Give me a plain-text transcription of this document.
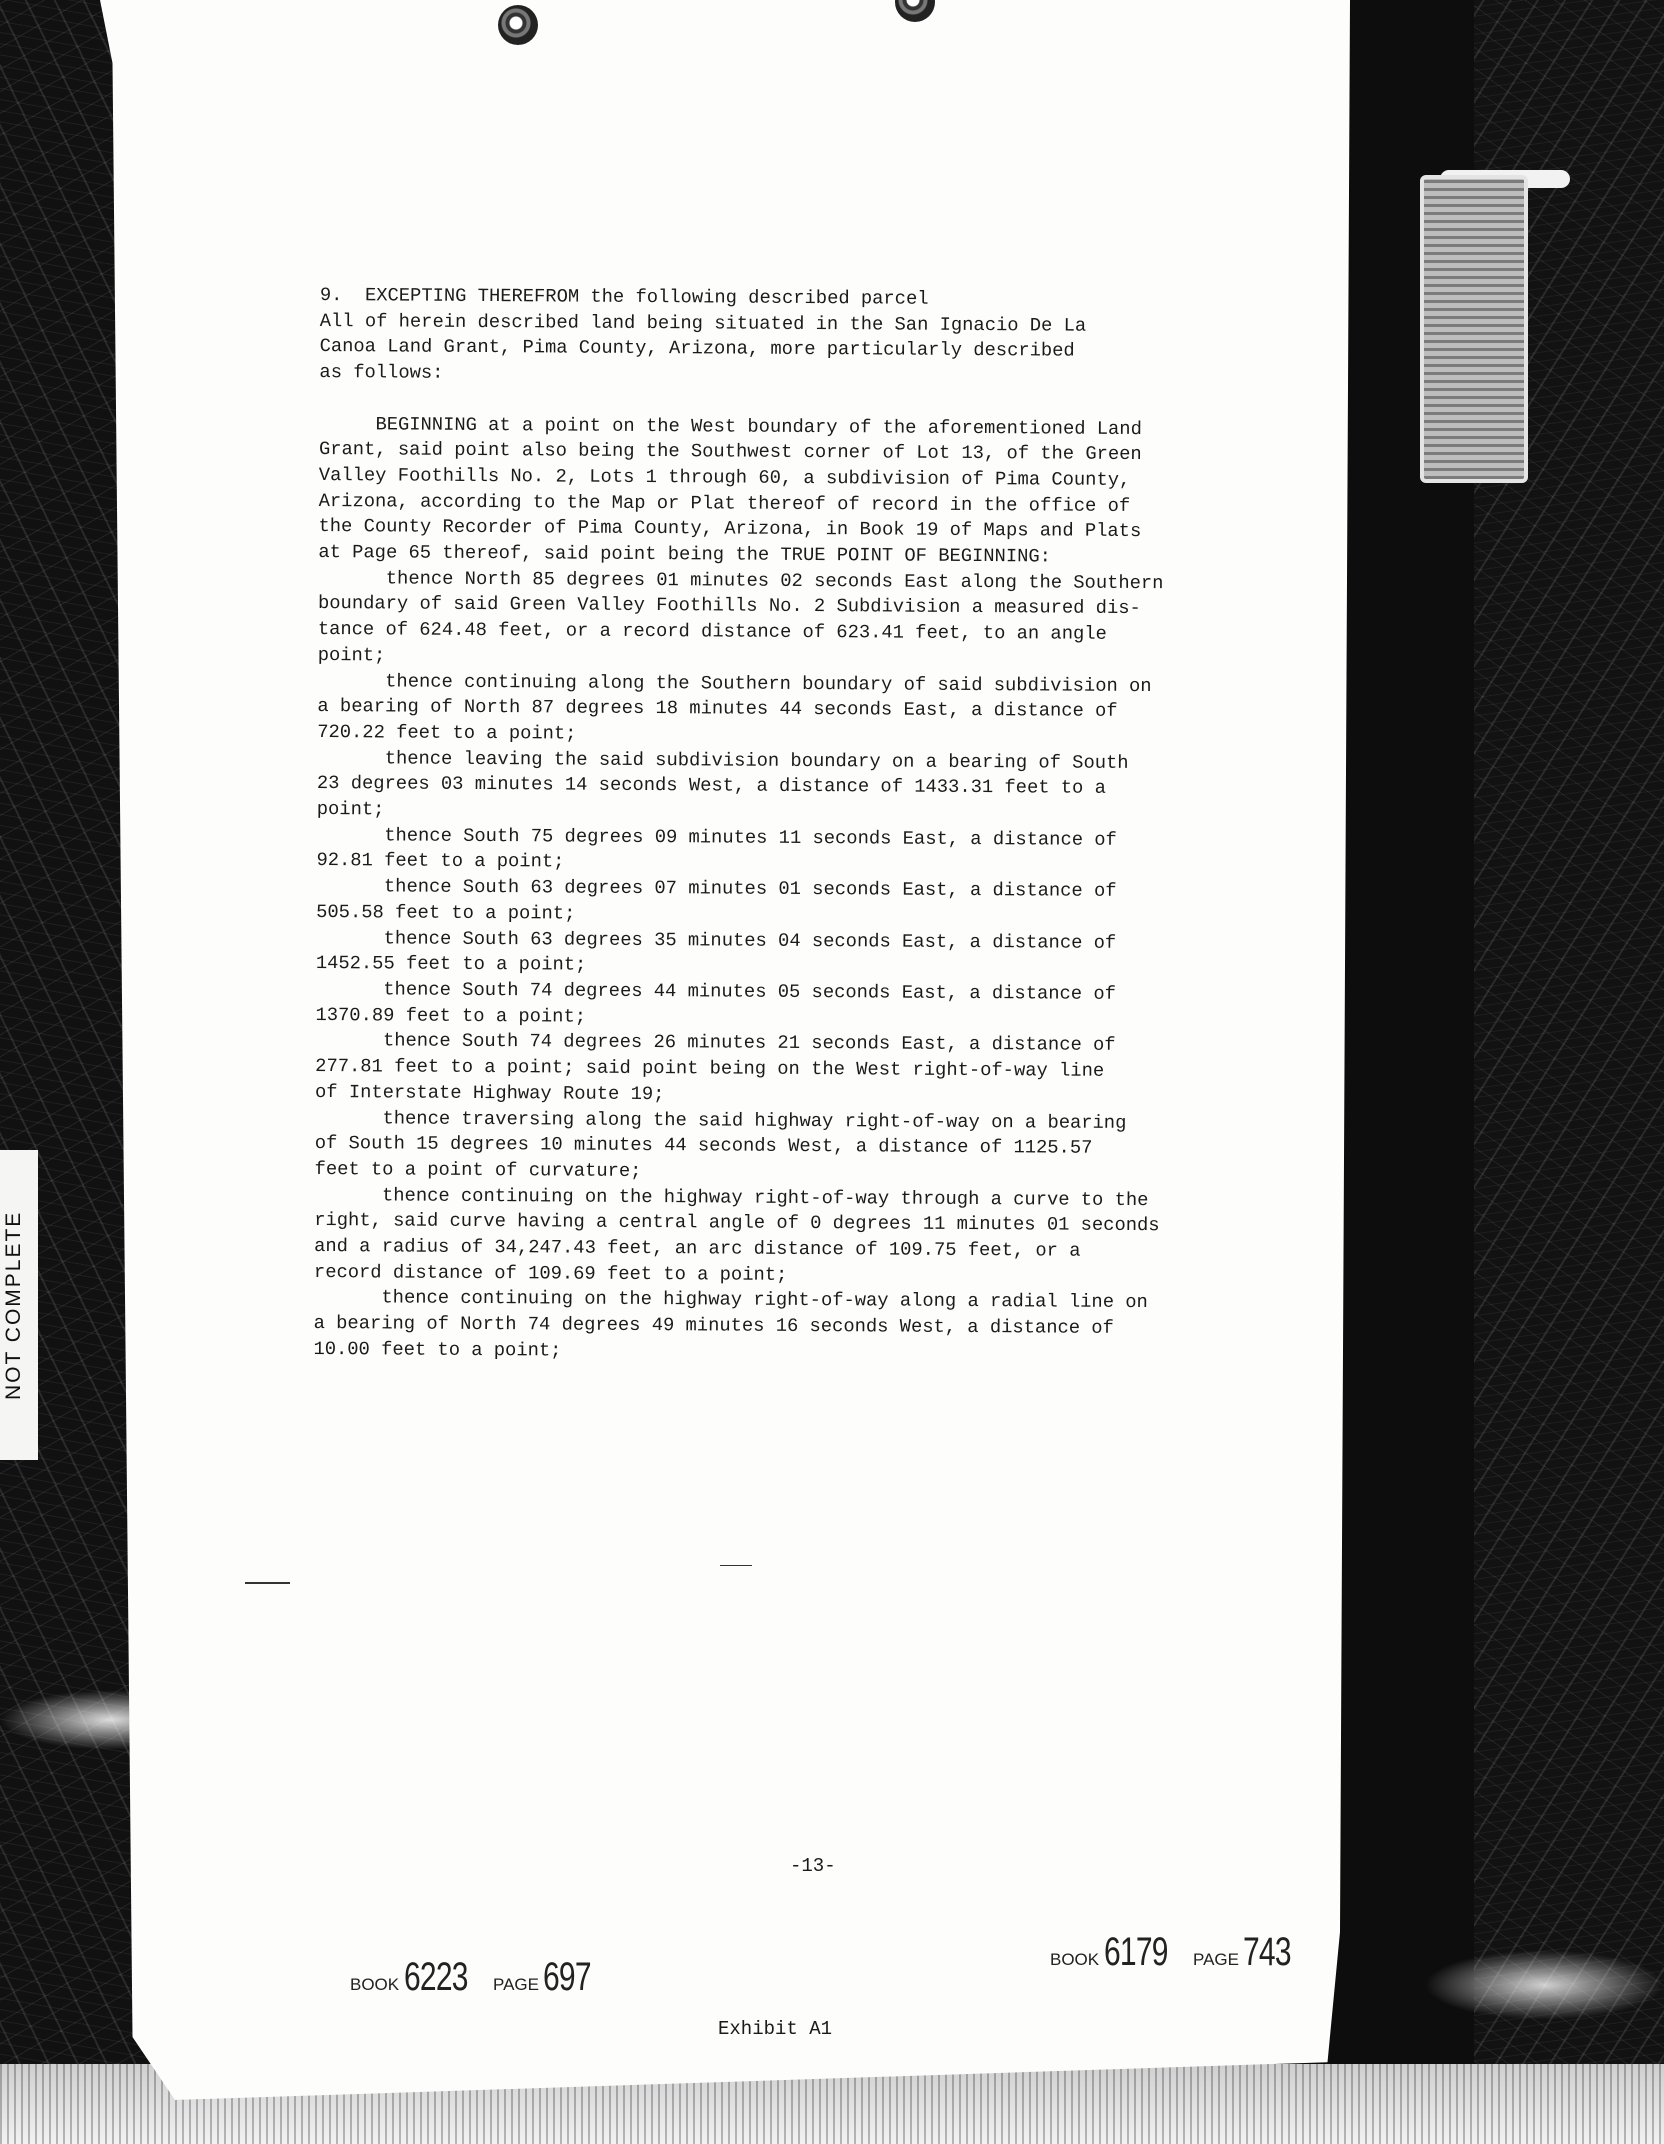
NOT COMPLETE
9.  EXCEPTING THEREFROM the following described parcel
All of herein described land being situated in the San Ignacio De La
Canoa Land Grant, Pima County, Arizona, more particularly described
as follows:

BEGINNING at a point on the West boundary of the aforementioned Land
Grant, said point also being the Southwest corner of Lot 13, of the Green
Valley Foothills No. 2, Lots 1 through 60, a subdivision of Pima County,
Arizona, according to the Map or Plat thereof of record in the office of
the County Recorder of Pima County, Arizona, in Book 19 of Maps and Plats
at Page 65 thereof, said point being the TRUE POINT OF BEGINNING:
thence North 85 degrees 01 minutes 02 seconds East along the Southern
boundary of said Green Valley Foothills No. 2 Subdivision a measured dis-
tance of 624.48 feet, or a record distance of 623.41 feet, to an angle
point;
thence continuing along the Southern boundary of said subdivision on
a bearing of North 87 degrees 18 minutes 44 seconds East, a distance of
720.22 feet to a point;
thence leaving the said subdivision boundary on a bearing of South
23 degrees 03 minutes 14 seconds West, a distance of 1433.31 feet to a
point;
thence South 75 degrees 09 minutes 11 seconds East, a distance of
92.81 feet to a point;
thence South 63 degrees 07 minutes 01 seconds East, a distance of
505.58 feet to a point;
thence South 63 degrees 35 minutes 04 seconds East, a distance of
1452.55 feet to a point;
thence South 74 degrees 44 minutes 05 seconds East, a distance of
1370.89 feet to a point;
thence South 74 degrees 26 minutes 21 seconds East, a distance of
277.81 feet to a point; said point being on the West right-of-way line
of Interstate Highway Route 19;
thence traversing along the said highway right-of-way on a bearing
of South 15 degrees 10 minutes 44 seconds West, a distance of 1125.57
feet to a point of curvature;
thence continuing on the highway right-of-way through a curve to the
right, said curve having a central angle of 0 degrees 11 minutes 01 seconds
and a radius of 34,247.43 feet, an arc distance of 109.75 feet, or a
record distance of 109.69 feet to a point;
thence continuing on the highway right-of-way along a radial line on
a bearing of North 74 degrees 49 minutes 16 seconds West, a distance of
10.00 feet to a point;
-13-
BOOK 6223 PAGE 697	BOOK 6179 PAGE 743
Exhibit A1
